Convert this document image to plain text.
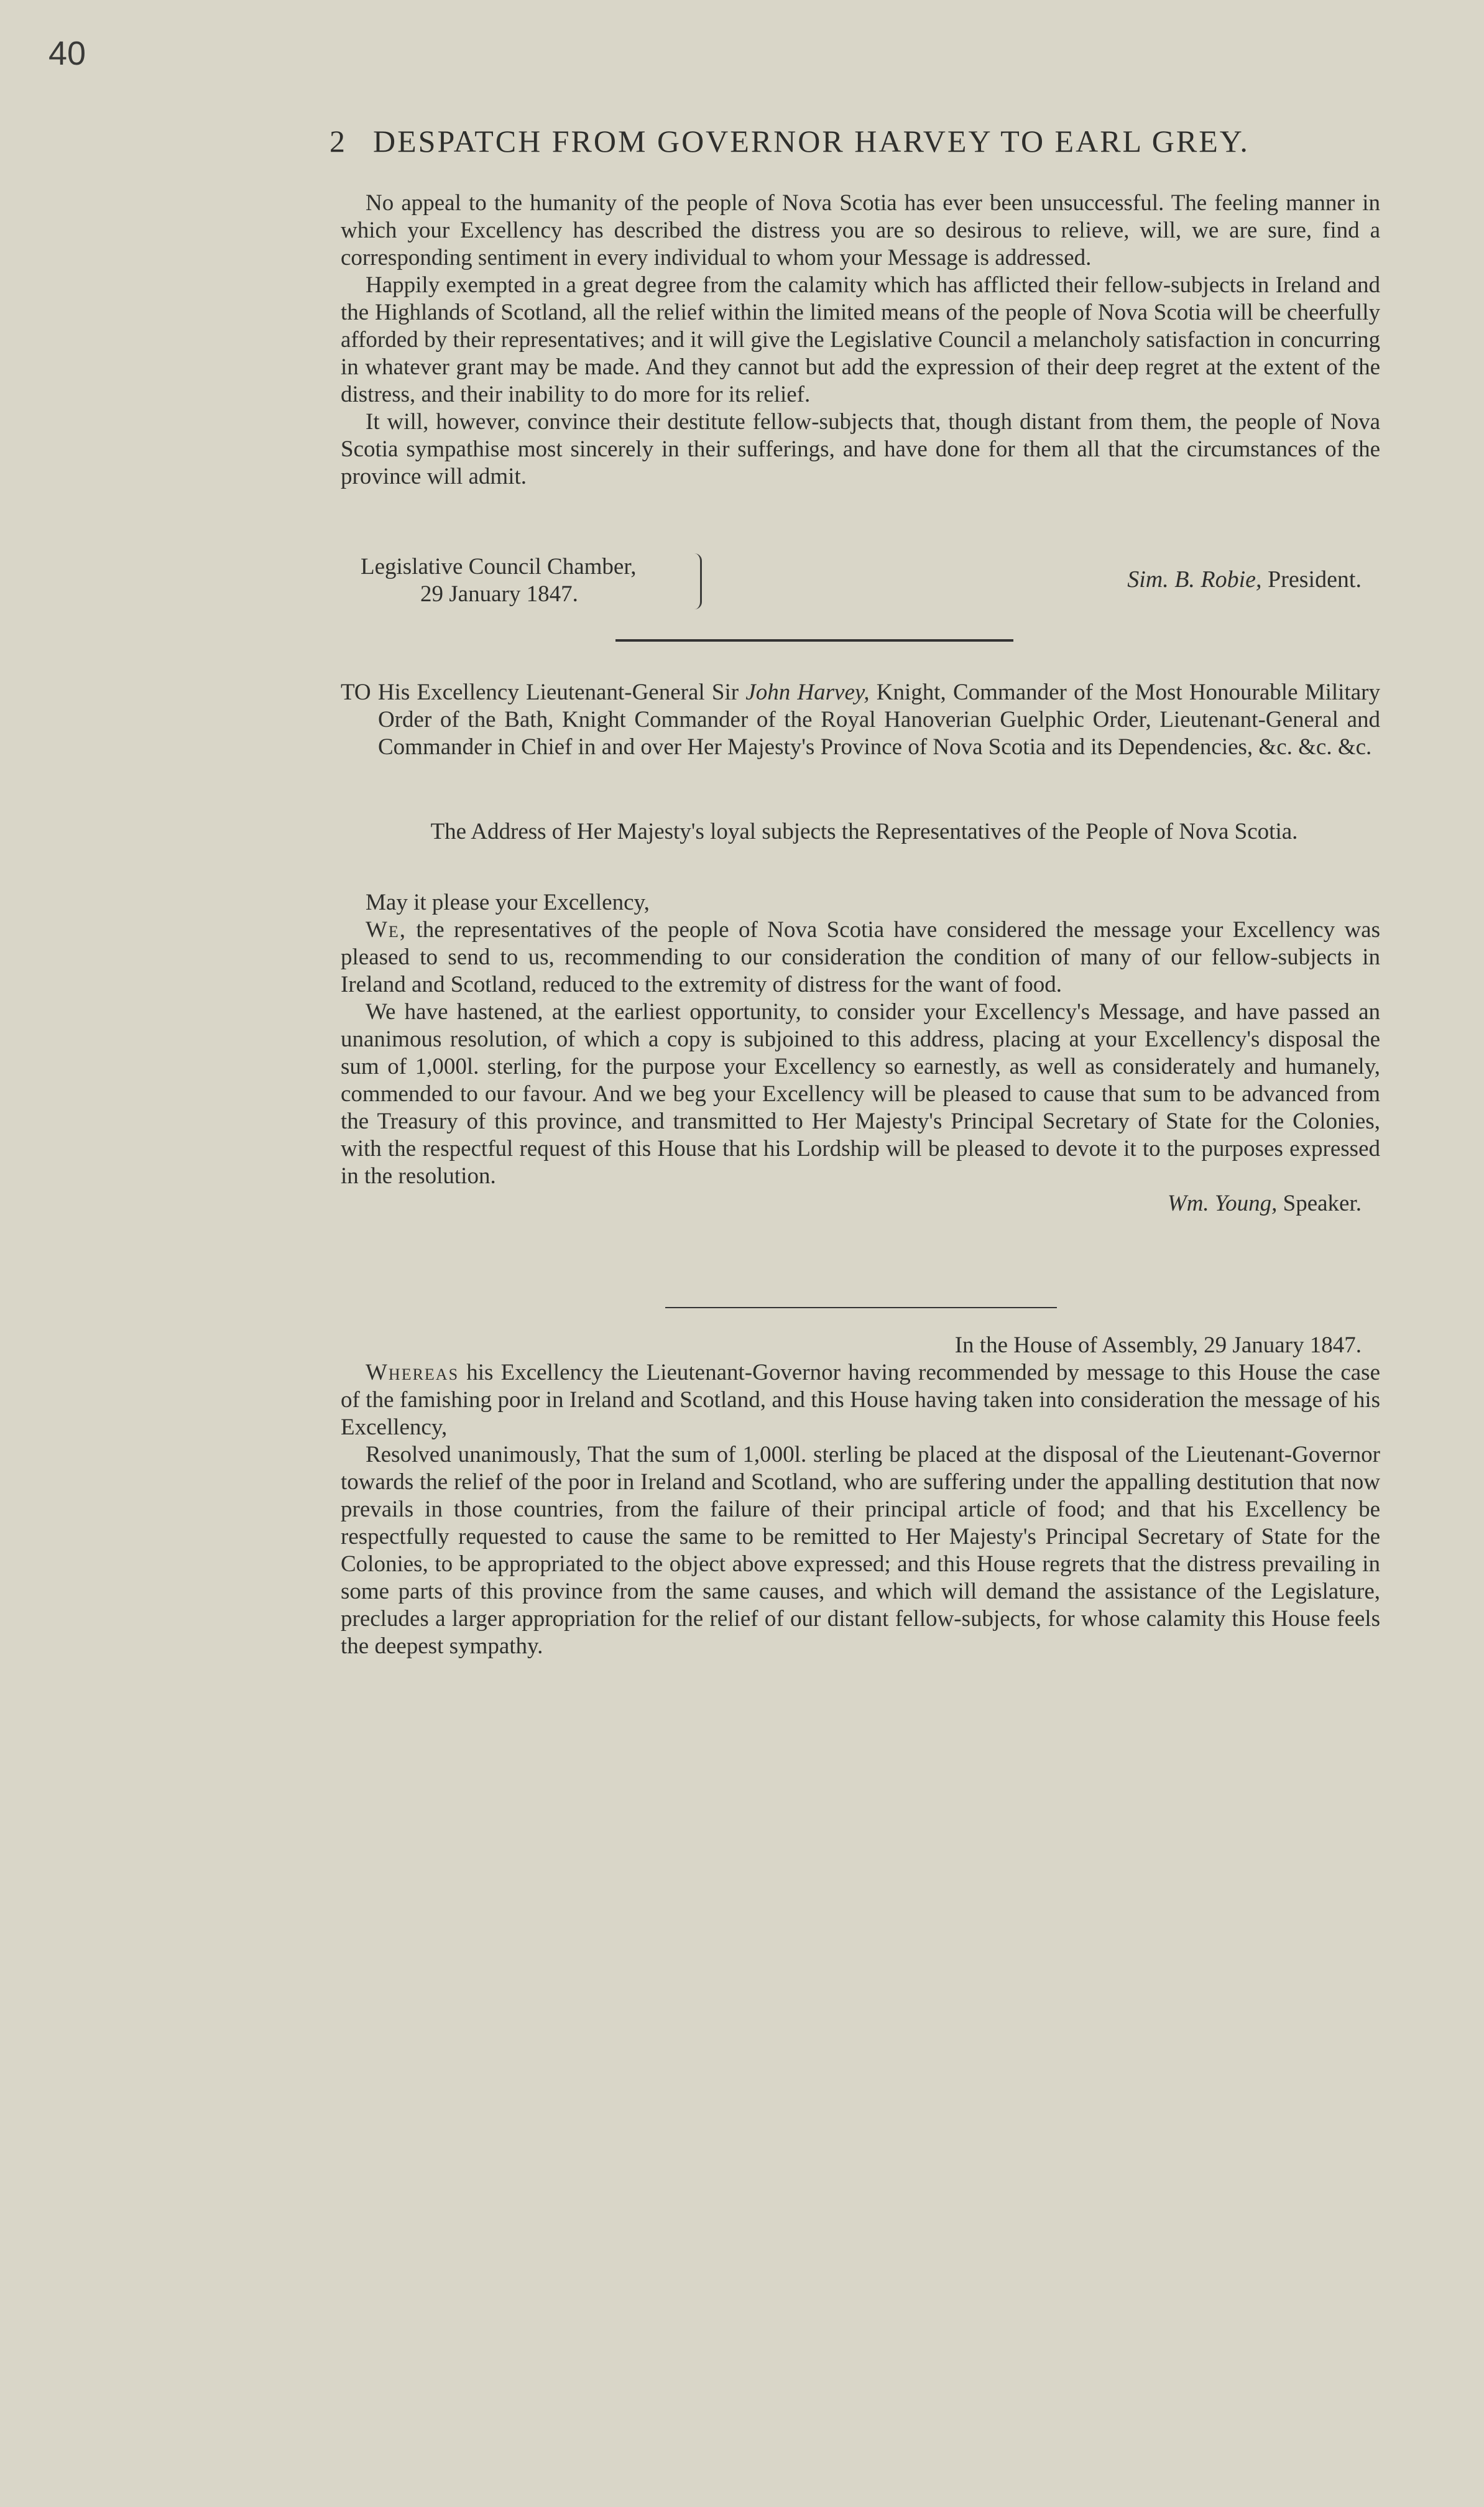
40
2 DESPATCH FROM GOVERNOR HARVEY TO EARL GREY.

No appeal to the humanity of the people of Nova Scotia has ever been unsuccessful. The feeling manner in which your Excellency has described the distress you are so desirous to relieve, will, we are sure, find a corresponding sentiment in every individual to whom your Message is addressed.

Happily exempted in a great degree from the calamity which has afflicted their fellow-subjects in Ireland and the Highlands of Scotland, all the relief within the limited means of the people of Nova Scotia will be cheerfully afforded by their representatives; and it will give the Legislative Council a melancholy satisfaction in concurring in whatever grant may be made. And they cannot but add the expression of their deep regret at the extent of the distress, and their inability to do more for its relief.

It will, however, convince their destitute fellow-subjects that, though distant from them, the people of Nova Scotia sympathise most sincerely in their sufferings, and have done for them all that the circumstances of the province will admit.

Legislative Council Chamber,
29 January 1847.
Sim. B. Robie, President.

TO His Excellency Lieutenant-General Sir John Harvey, Knight, Commander of the Most Honourable Military Order of the Bath, Knight Commander of the Royal Hanoverian Guelphic Order, Lieutenant-General and Commander in Chief in and over Her Majesty's Province of Nova Scotia and its Dependencies, &c. &c. &c.

The Address of Her Majesty's loyal subjects the Representatives of the People of Nova Scotia.

May it please your Excellency,

We, the representatives of the people of Nova Scotia have considered the message your Excellency was pleased to send to us, recommending to our consideration the condition of many of our fellow-subjects in Ireland and Scotland, reduced to the extremity of distress for the want of food.

We have hastened, at the earliest opportunity, to consider your Excellency's Message, and have passed an unanimous resolution, of which a copy is subjoined to this address, placing at your Excellency's disposal the sum of 1,000l. sterling, for the purpose your Excellency so earnestly, as well as considerately and humanely, commended to our favour. And we beg your Excellency will be pleased to cause that sum to be advanced from the Treasury of this province, and transmitted to Her Majesty's Principal Secretary of State for the Colonies, with the respectful request of this House that his Lordship will be pleased to devote it to the purposes expressed in the resolution.

Wm. Young, Speaker.

In the House of Assembly, 29 January 1847.

Whereas his Excellency the Lieutenant-Governor having recommended by message to this House the case of the famishing poor in Ireland and Scotland, and this House having taken into consideration the message of his Excellency,

Resolved unanimously, That the sum of 1,000l. sterling be placed at the disposal of the Lieutenant-Governor towards the relief of the poor in Ireland and Scotland, who are suffering under the appalling destitution that now prevails in those countries, from the failure of their principal article of food; and that his Excellency be respectfully requested to cause the same to be remitted to Her Majesty's Principal Secretary of State for the Colonies, to be appropriated to the object above expressed; and this House regrets that the distress prevailing in some parts of this province from the same causes, and which will demand the assistance of the Legislature, precludes a larger appropriation for the relief of our distant fellow-subjects, for whose calamity this House feels the deepest sympathy.
